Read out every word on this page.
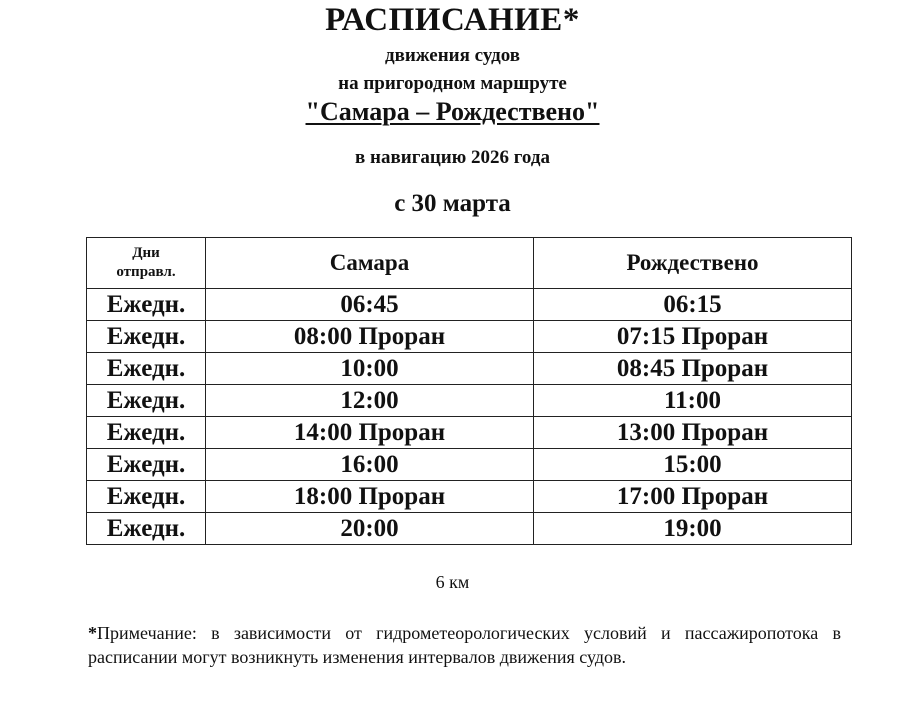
РАСПИСАНИЕ*
движения судов
на пригородном маршруте
"Самара – Рождествено"
в навигацию 2026 года
с 30 марта
Дни
отправл.	Самара	Рождествено
Ежедн.	06:45	06:15
Ежедн.	08:00 Проран	07:15 Проран
Ежедн.	10:00	08:45 Проран
Ежедн.	12:00	11:00
Ежедн.	14:00 Проран	13:00 Проран
Ежедн.	16:00	15:00
Ежедн.	18:00 Проран	17:00 Проран
Ежедн.	20:00	19:00
6 км
*Примечание: в зависимости от гидрометеорологических условий и пассажиропотока в расписании могут возникнуть изменения интервалов движения судов.
